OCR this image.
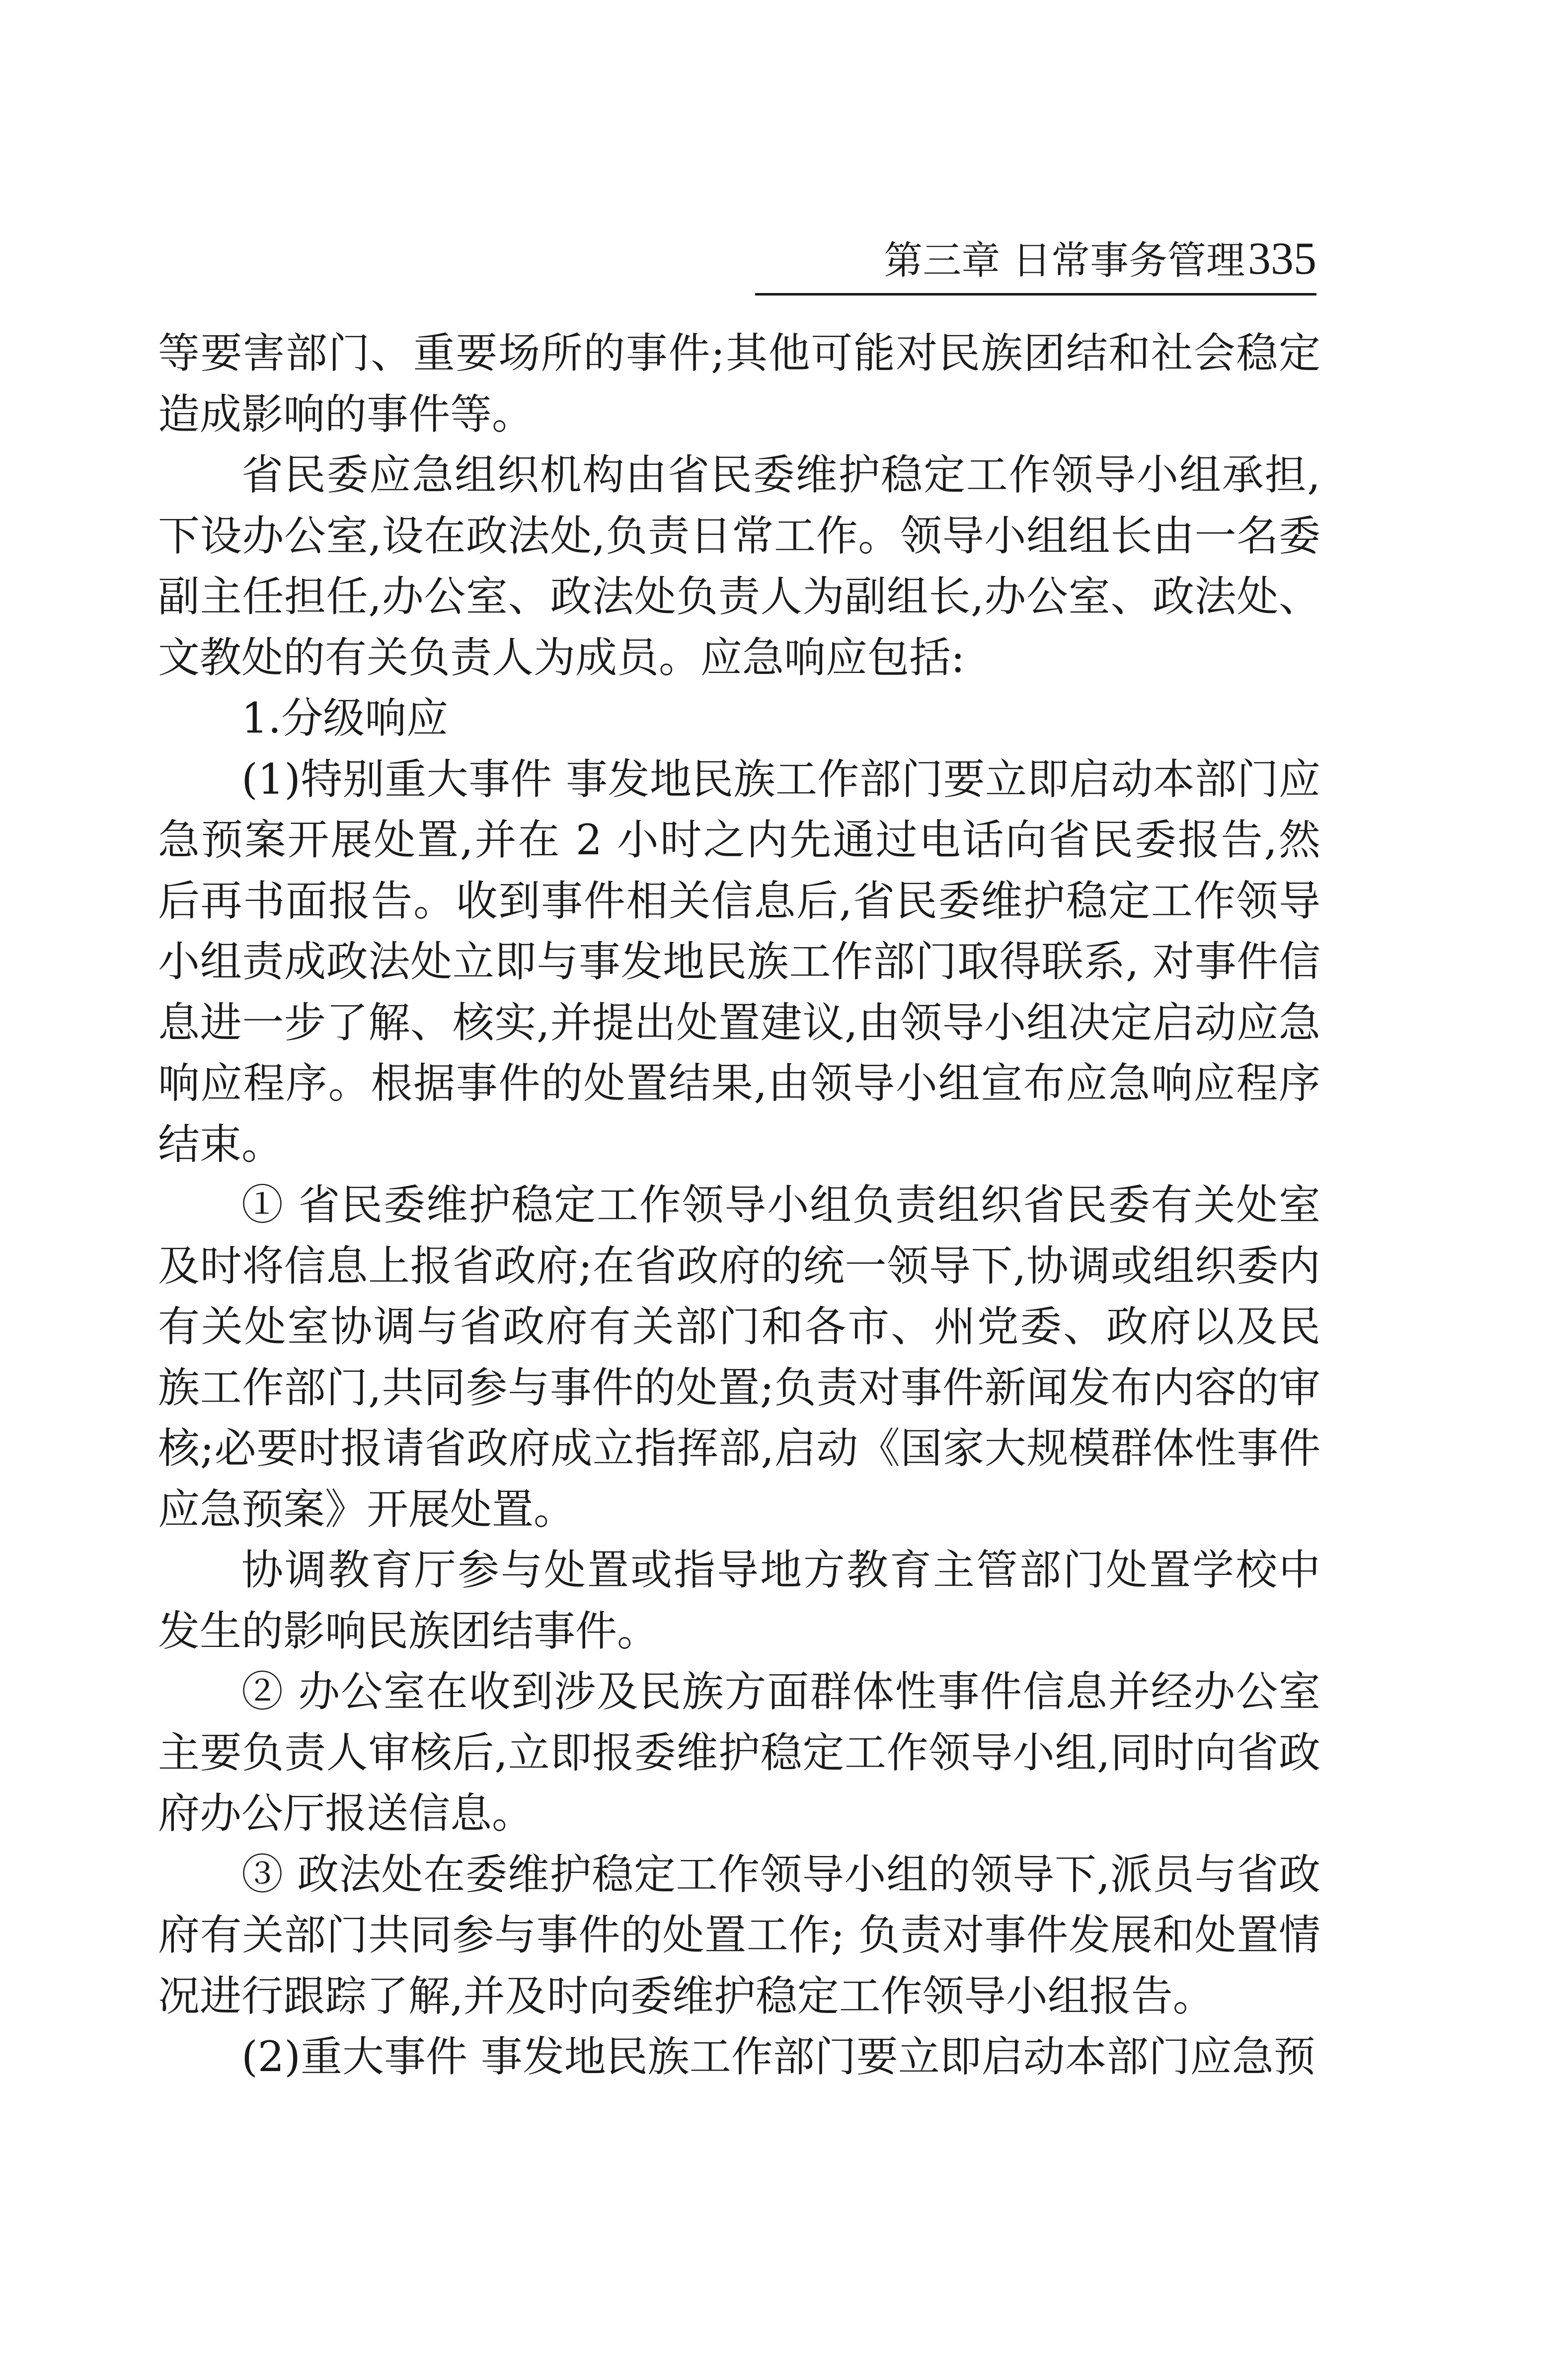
第三章 日常事务管理335

等要害部门、重要场所的事件;其他可能对民族团结和社会稳定造成影响的事件等。

省民委应急组织机构由省民委维护稳定工作领导小组承担,下设办公室,设在政法处,负责日常工作。领导小组组长由一名委副主任担任,办公室、政法处负责人为副组长,办公室、政法处、文教处的有关负责人为成员。应急响应包括:

1.分级响应

(1)特别重大事件 事发地民族工作部门要立即启动本部门应急预案开展处置,并在 2 小时之内先通过电话向省民委报告,然后再书面报告。收到事件相关信息后,省民委维护稳定工作领导小组责成政法处立即与事发地民族工作部门取得联系, 对事件信息进一步了解、核实,并提出处置建议,由领导小组决定启动应急响应程序。根据事件的处置结果,由领导小组宣布应急响应程序结束。

① 省民委维护稳定工作领导小组负责组织省民委有关处室及时将信息上报省政府;在省政府的统一领导下,协调或组织委内有关处室协调与省政府有关部门和各市、州党委、政府以及民族工作部门,共同参与事件的处置;负责对事件新闻发布内容的审核;必要时报请省政府成立指挥部,启动《国家大规模群体性事件应急预案》开展处置。

协调教育厅参与处置或指导地方教育主管部门处置学校中发生的影响民族团结事件。

② 办公室在收到涉及民族方面群体性事件信息并经办公室主要负责人审核后,立即报委维护稳定工作领导小组,同时向省政府办公厅报送信息。

③ 政法处在委维护稳定工作领导小组的领导下,派员与省政府有关部门共同参与事件的处置工作; 负责对事件发展和处置情况进行跟踪了解,并及时向委维护稳定工作领导小组报告。

(2)重大事件 事发地民族工作部门要立即启动本部门应急预
